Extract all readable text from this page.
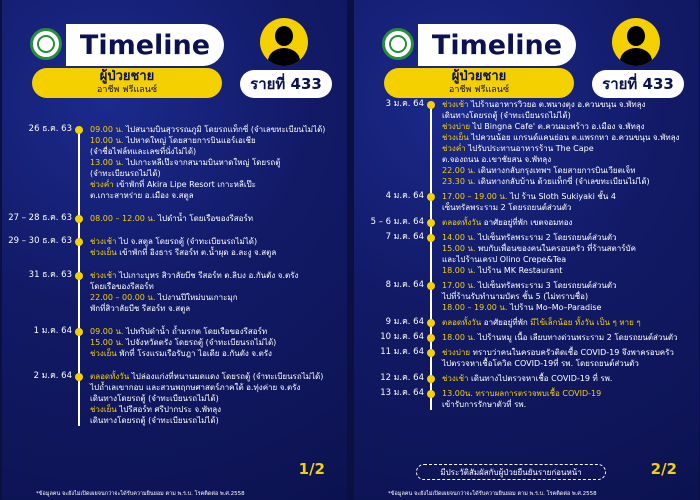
Timeline
ผู้ป่วยชาย
อาชีพ ฟรีแลนซ์	รายที่ 433
26 ธ.ค. 63 09.00 น. ไปสนามบินสุวรรณภูมิ โดยรถแท็กซี่ (จำเลขทะเบียนไม่ได้)
10.00 น. ไปหาดใหญ่ โดยสายการบินแอร์เอเชีย
(จำชื่อไฟล์ทและเลขที่นั่งไม่ได้)
13.00 น. ไปเกาะหลีเป๊ะจากสนามบินหาดใหญ่ โดยรถตู้
(จำทะเบียนรถไม่ได้)
ช่วงค่ำ เข้าพักที่ Akira Lipe Resort เกาะหลีเป๊ะ
ต.เกาะสาหร่าย อ.เมือง จ.สตูล
27 – 28 ธ.ค. 63 08.00 – 12.00 น. ไปดำน้ำ โดยเรือของรีสอร์ท
29 – 30 ธ.ค. 63 ช่วงเช้า ไป จ.สตูล โดยรถตู้ (จำทะเบียนรถไม่ได้)
ช่วงเย็น เข้าพักที่ อิงธาร รีสอร์ท ต.น้ำผุด อ.ละงู จ.สตูล
31 ธ.ค. 63 ช่วงเช้า ไปเกาะบุหร สิวาลัยบีช รีสอร์ท ต.ลิบง อ.กันตัง จ.ตรัง
โดยเรือของรีสอร์ท
22.00 – 00.00 น. ไปงานปีใหม่บนเกาะมุก
พักที่สิวาลัยบีช รีสอร์ท จ.สตูล
1 ม.ค. 64 09.00 น. ไปทริปดำน้ำ ถ้ำมรกต โดยเรือของรีสอร์ท
15.00 น. ไปจังหวัดตรัง โดยรถตู้ (จำทะเบียนรถไม่ได้)
ช่วงเย็น พักที่ โรงแรมเรือรับฎา ไอเดีย อ.กันตัง จ.ตรัง
2 ม.ค. 64 ตลอดทั้งวัน ไปล่องแก่งที่หนานมดแดง โดยรถตู้ (จำทะเบียนรถไม่ได้)
ไปถ้ำเลเขากอบ และสวนพฤกษศาสตร์ภาคใต้ อ.ทุ่งค่าย จ.ตรัง
เดินทางโดยรถตู้ (จำทะเบียนรถไม่ได้)
ช่วงเย็น ไปรีสอร์ท ศรีปากประ จ.พัทลุง
เดินทางโดยรถตู้ (จำทะเบียนรถไม่ได้)
1/2
*ข้อมูลคน จะยังไม่เปิดเผยจนกว่าจะได้รับความยินยอม ตาม พ.ร.บ. โรคติดต่อ พ.ศ.2558
Timeline
ผู้ป่วยชาย
อาชีพ ฟรีแลนซ์	รายที่ 433
3 ม.ค. 64 ช่วงเช้า ไปร้านอาหารวิวยอ ต.พนางตุง อ.ควนขนุน จ.พัทลุง
เดินทางโดยรถตู้ (จำทะเบียนรถไม่ได้)
ช่วงบ่าย ไป Bingna Cafe' ต.ควนมะพร้าว อ.เมือง จ.พัทลุง
ช่วงเย็น ไปควนน้อย แกรนด์แคนย่อน ต.แพรกหา อ.ควนขนุน จ.พัทลุง
ช่วงค่ำ ไปรับประทานอาหารร้าน The Cape
ต.จองถนน อ.เขาชัยสน จ.พัทลุง
22.00 น. เดินทางกลับกรุงเทพฯ โดยสายการบินเวียตเจ็ท
23.30 น. เดินทางกลับบ้าน ด้วยแท็กซี่ (จำเลขทะเบียนไม่ได้)
4 ม.ค. 64 17.00 – 19.00 น. ไป ร้าน Sloth Sukiyaki ชั้น 4
เซ็นทรัลพระราม 2 โดยรถยนต์ส่วนตัว
5 – 6 ม.ค. 64 ตลอดทั้งวัน อาศัยอยู่ที่พัก เขตจอมทอง
7 ม.ค. 64 14.00 น. ไปเซ็นทรัลพระราม 2 โดยรถยนต์ส่วนตัว
15.00 น. พบกับเพื่อนของคนในครอบครัว ที่ร้านสตาร์บัค
และไปร้านเครป Olino Crepe&Tea
18.00 น. ไปร้าน MK Restaurant
8 ม.ค. 64 17.00 น. ไปเซ็นทรัลพระราม 3 โดยรถยนต์ส่วนตัว
ไปที่ร้านรับทำนามบัตร ชั้น 5 (ไม่ทราบชื่อ)
18.00 – 19.00 น. ไปร้าน Mo–Mo–Paradise
9 ม.ค. 64 ตลอดทั้งวัน อาศัยอยู่ที่พัก มีไข้เล็กน้อย ทั้งวัน เป็น ๆ หาย ๆ
10 ม.ค. 64 18.00 น. ไปร้านหมู เนื้อ เลียบทางด่วนพระราม 2 โดยรถยนต์ส่วนตัว
11 ม.ค. 64 ช่วงบ่าย ทราบว่าคนในครอบครัวติดเชื้อ COVID-19 จึงพาครอบครัว
ไปตรวจหาเชื้อโควิด COVID-19ที่ รพ. โดยรถยนต์ส่วนตัว
12 ม.ค. 64 ช่วงเช้า เดินทางไปตรวจหาเชื้อ COVID-19 ที่ รพ.
13 ม.ค. 64 13.00น. ทราบผลการตรวจพบเชื้อ COVID-19
เข้ารับการรักษาตัวที่ รพ.
มีประวัติสัมผัสกับผู้ป่วยยืนยันรายก่อนหน้า	2/2
*ข้อมูลคน จะยังไม่เปิดเผยจนกว่าจะได้รับความยินยอม ตาม พ.ร.บ. โรคติดต่อ พ.ศ.2558
